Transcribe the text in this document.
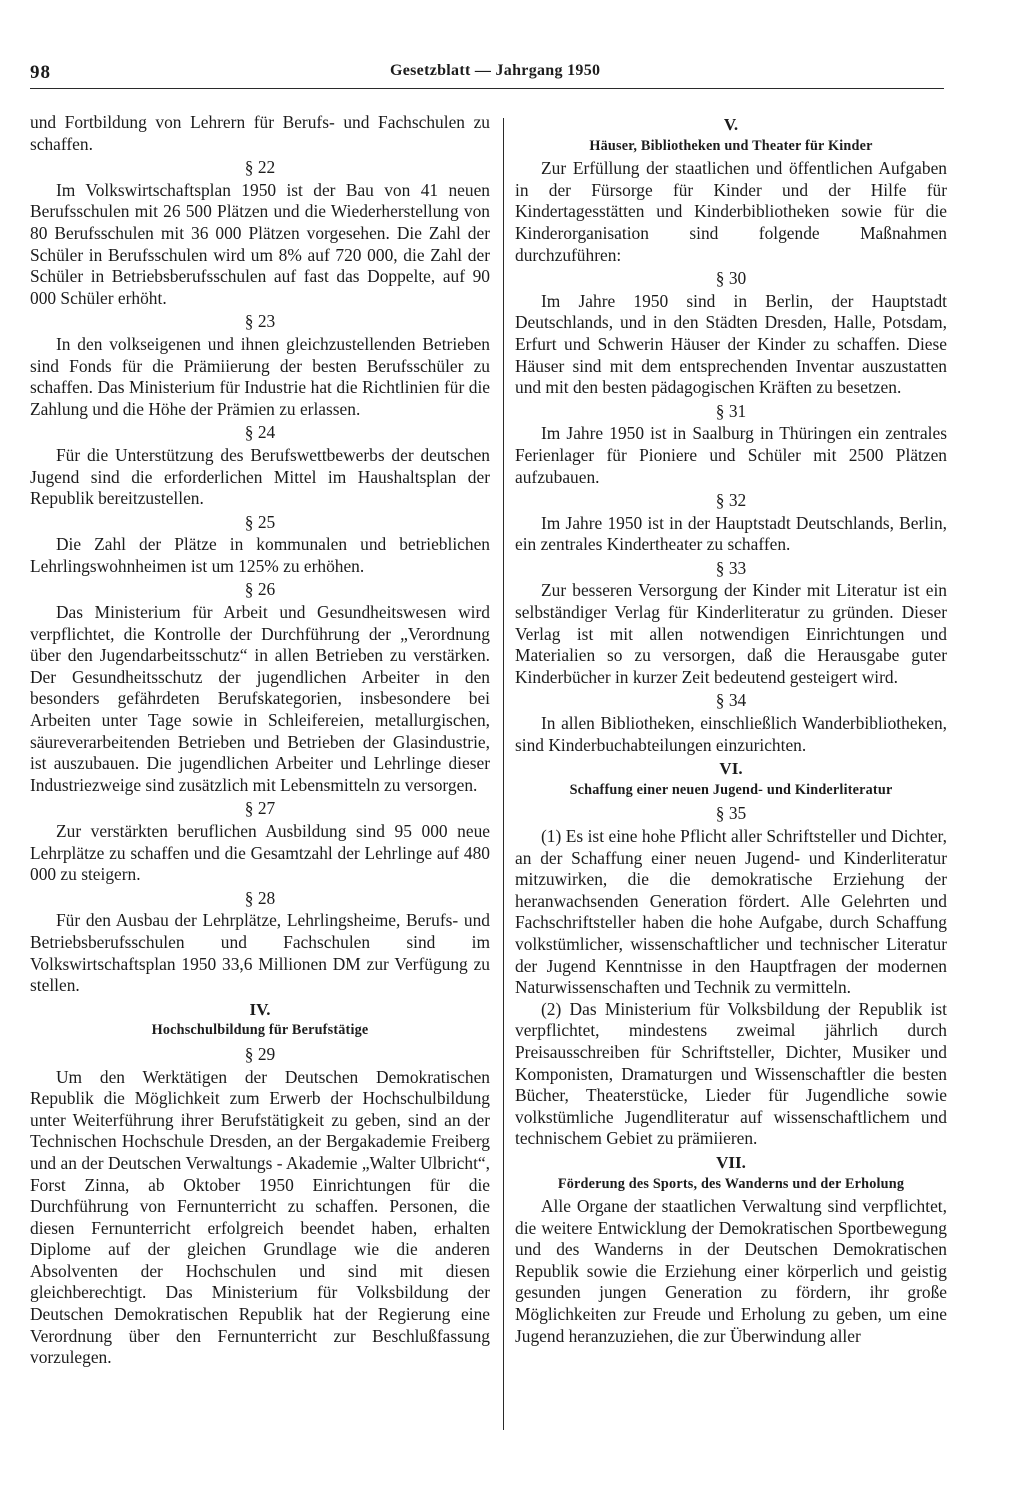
98	Gesetzblatt — Jahrgang 1950

und Fortbildung von Lehrern für Berufs- und Fachschulen zu schaffen.

§ 22

Im Volkswirtschaftsplan 1950 ist der Bau von 41 neuen Berufsschulen mit 26 500 Plätzen und die Wiederherstellung von 80 Berufsschulen mit 36 000 Plätzen vorgesehen. Die Zahl der Schüler in Berufsschulen wird um 8% auf 720 000, die Zahl der Schüler in Betriebsberufsschulen auf fast das Doppelte, auf 90 000 Schüler erhöht.

§ 23

In den volkseigenen und ihnen gleichzustellenden Betrieben sind Fonds für die Prämiierung der besten Berufsschüler zu schaffen. Das Ministerium für Industrie hat die Richtlinien für die Zahlung und die Höhe der Prämien zu erlassen.

§ 24

Für die Unterstützung des Berufswettbewerbs der deutschen Jugend sind die erforderlichen Mittel im Haushaltsplan der Republik bereitzustellen.

§ 25

Die Zahl der Plätze in kommunalen und betrieblichen Lehrlingswohnheimen ist um 125% zu erhöhen.

§ 26

Das Ministerium für Arbeit und Gesundheitswesen wird verpflichtet, die Kontrolle der Durchführung der „Verordnung über den Jugendarbeitsschutz“ in allen Betrieben zu verstärken. Der Gesundheitsschutz der jugendlichen Arbeiter in den besonders gefährdeten Berufskategorien, insbesondere bei Arbeiten unter Tage sowie in Schleifereien, metallurgischen, säureverarbeitenden Betrieben und Betrieben der Glasindustrie, ist auszubauen. Die jugendlichen Arbeiter und Lehrlinge dieser Industriezweige sind zusätzlich mit Lebensmitteln zu versorgen.

§ 27

Zur verstärkten beruflichen Ausbildung sind 95 000 neue Lehrplätze zu schaffen und die Gesamtzahl der Lehrlinge auf 480 000 zu steigern.

§ 28

Für den Ausbau der Lehrplätze, Lehrlingsheime, Berufs- und Betriebsberufsschulen und Fachschulen sind im Volkswirtschaftsplan 1950 33,6 Millionen DM zur Verfügung zu stellen.

IV.
Hochschulbildung für Berufstätige
§ 29

Um den Werktätigen der Deutschen Demokratischen Republik die Möglichkeit zum Erwerb der Hochschulbildung unter Weiterführung ihrer Berufstätigkeit zu geben, sind an der Technischen Hochschule Dresden, an der Bergakademie Freiberg und an der Deutschen Verwaltungs - Akademie „Walter Ulbricht“, Forst Zinna, ab Oktober 1950 Einrichtungen für die Durchführung von Fernunterricht zu schaffen. Personen, die diesen Fernunterricht erfolgreich beendet haben, erhalten Diplome auf der gleichen Grundlage wie die anderen Absolventen der Hochschulen und sind mit diesen gleichberechtigt. Das Ministerium für Volksbildung der Deutschen Demokratischen Republik hat der Regierung eine Verordnung über den Fernunterricht zur Beschlußfassung vorzulegen.

V.
Häuser, Bibliotheken und Theater für Kinder

Zur Erfüllung der staatlichen und öffentlichen Aufgaben in der Fürsorge für Kinder und der Hilfe für Kindertagesstätten und Kinderbibliotheken sowie für die Kinderorganisation sind folgende Maßnahmen durchzuführen:

§ 30

Im Jahre 1950 sind in Berlin, der Hauptstadt Deutschlands, und in den Städten Dresden, Halle, Potsdam, Erfurt und Schwerin Häuser der Kinder zu schaffen. Diese Häuser sind mit dem entsprechenden Inventar auszustatten und mit den besten pädagogischen Kräften zu besetzen.

§ 31

Im Jahre 1950 ist in Saalburg in Thüringen ein zentrales Ferienlager für Pioniere und Schüler mit 2500 Plätzen aufzubauen.

§ 32

Im Jahre 1950 ist in der Hauptstadt Deutschlands, Berlin, ein zentrales Kindertheater zu schaffen.

§ 33

Zur besseren Versorgung der Kinder mit Literatur ist ein selbständiger Verlag für Kinderliteratur zu gründen. Dieser Verlag ist mit allen notwendigen Einrichtungen und Materialien so zu versorgen, daß die Herausgabe guter Kinderbücher in kurzer Zeit bedeutend gesteigert wird.

§ 34

In allen Bibliotheken, einschließlich Wanderbibliotheken, sind Kinderbuchabteilungen einzurichten.

VI.
Schaffung einer neuen Jugend- und Kinderliteratur
§ 35

(1) Es ist eine hohe Pflicht aller Schriftsteller und Dichter, an der Schaffung einer neuen Jugend- und Kinderliteratur mitzuwirken, die die demokratische Erziehung der heranwachsenden Generation fördert. Alle Gelehrten und Fachschriftsteller haben die hohe Aufgabe, durch Schaffung volkstümlicher, wissenschaftlicher und technischer Literatur der Jugend Kenntnisse in den Hauptfragen der modernen Naturwissenschaften und Technik zu vermitteln.

(2) Das Ministerium für Volksbildung der Republik ist verpflichtet, mindestens zweimal jährlich durch Preisausschreiben für Schriftsteller, Dichter, Musiker und Komponisten, Dramaturgen und Wissenschaftler die besten Bücher, Theaterstücke, Lieder für Jugendliche sowie volkstümliche Jugendliteratur auf wissenschaftlichem und technischem Gebiet zu prämiieren.

VII.
Förderung des Sports, des Wanderns und der Erholung

Alle Organe der staatlichen Verwaltung sind verpflichtet, die weitere Entwicklung der Demokratischen Sportbewegung und des Wanderns in der Deutschen Demokratischen Republik sowie die Erziehung einer körperlich und geistig gesunden jungen Generation zu fördern, ihr große Möglichkeiten zur Freude und Erholung zu geben, um eine Jugend heranzuziehen, die zur Überwindung aller
